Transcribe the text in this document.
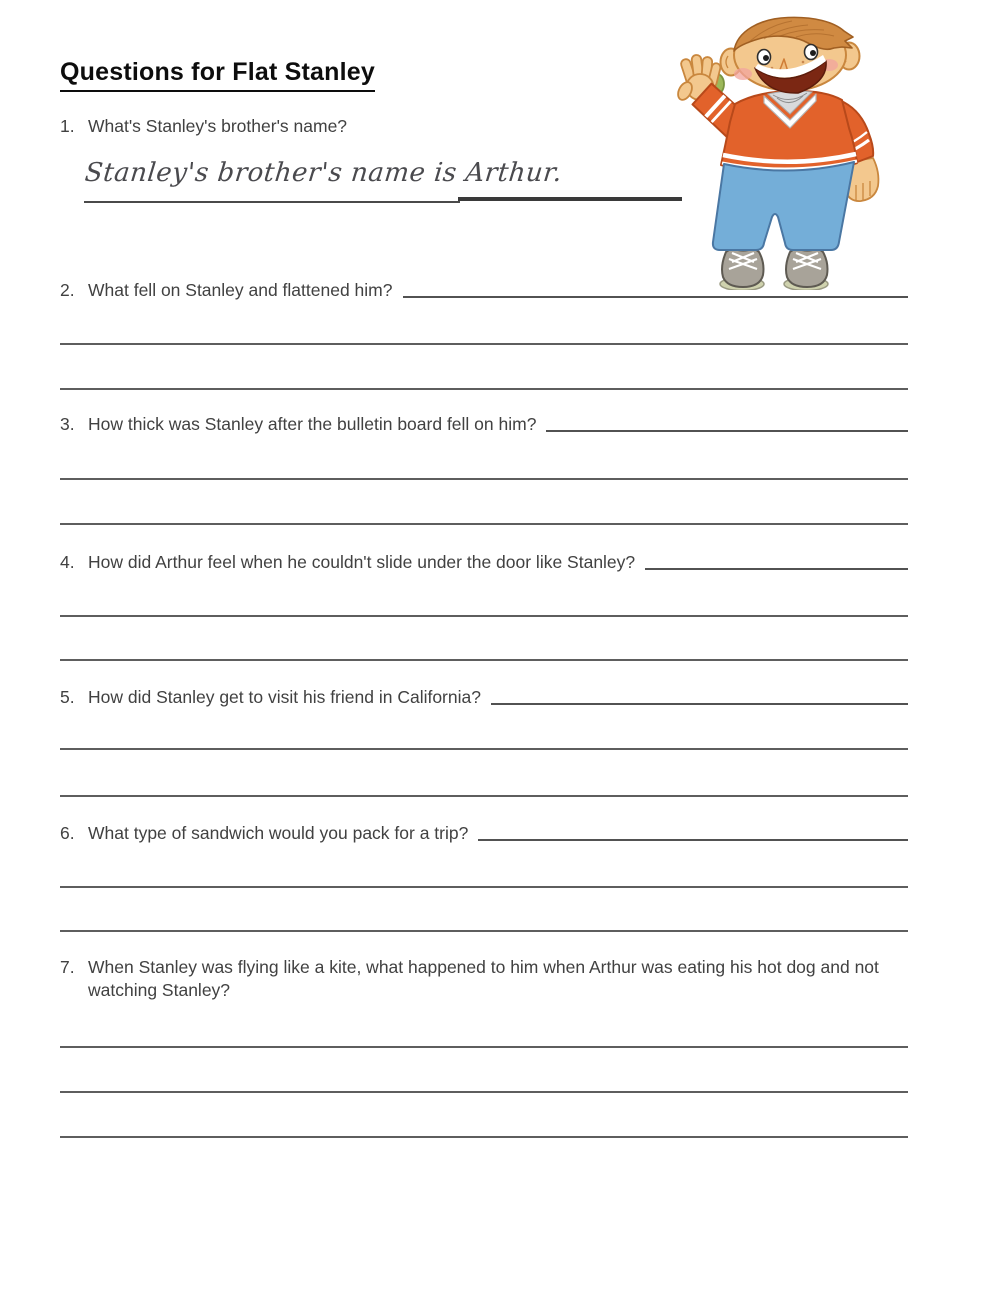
Questions for Flat Stanley
1. What's Stanley's brother's name?
Stanley's brother's name is Arthur.
2. What fell on Stanley and flattened him?
3. How thick was Stanley after the bulletin board fell on him?
4. How did Arthur feel when he couldn't slide under the door like Stanley?
5. How did Stanley get to visit his friend in California?
6. What type of sandwich would you pack for a trip?
7. When Stanley was flying like a kite, what happened to him when Arthur was eating his hot dog and not watching Stanley?
